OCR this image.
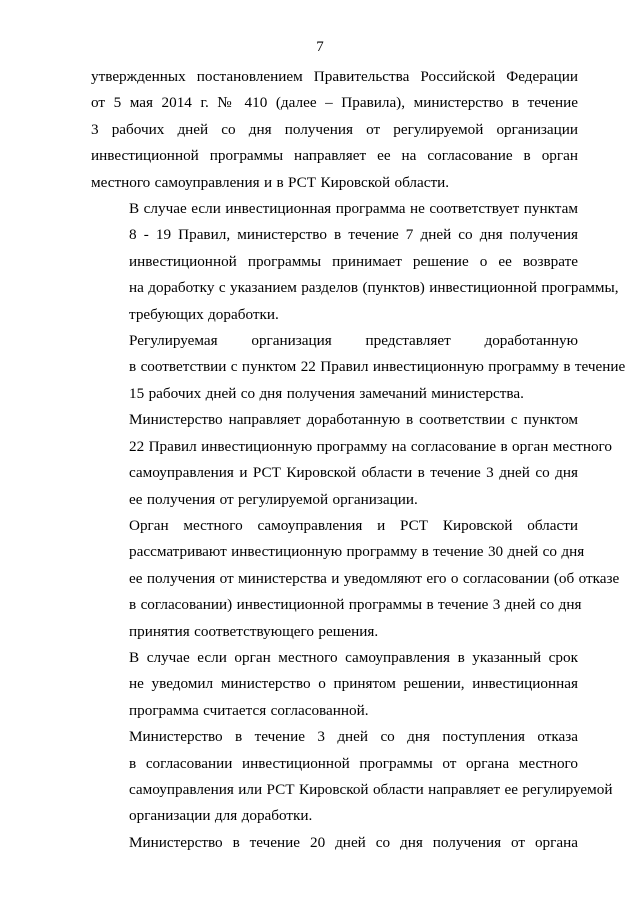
7

утвержденных постановлением Правительства Российской Федерации
от 5 мая 2014 г. № 410 (далее – Правила), министерство в течение
3 рабочих дней со дня получения от регулируемой организации
инвестиционной программы направляет ее на согласование в орган
местного самоуправления и в РСТ Кировской области.

В случае если инвестиционная программа не соответствует пунктам
8 - 19 Правил, министерство в течение 7 дней со дня получения
инвестиционной программы принимает решение о ее возврате
на доработку с указанием разделов (пунктов) инвестиционной программы,
требующих доработки.

Регулируемая организация представляет доработанную
в соответствии с пунктом 22 Правил инвестиционную программу в течение
15 рабочих дней со дня получения замечаний министерства.

Министерство направляет доработанную в соответствии с пунктом
22 Правил инвестиционную программу на согласование в орган местного
самоуправления и РСТ Кировской области в течение 3 дней со дня
ее получения от регулируемой организации.

Орган местного самоуправления и РСТ Кировской области
рассматривают инвестиционную программу в течение 30 дней со дня
ее получения от министерства и уведомляют его о согласовании (об отказе
в согласовании) инвестиционной программы в течение 3 дней со дня
принятия соответствующего решения.

В случае если орган местного самоуправления в указанный срок
не уведомил министерство о принятом решении, инвестиционная
программа считается согласованной.

Министерство в течение 3 дней со дня поступления отказа
в согласовании инвестиционной программы от органа местного
самоуправления или РСТ Кировской области направляет ее регулируемой
организации для доработки.

Министерство в течение 20 дней со дня получения от органа
